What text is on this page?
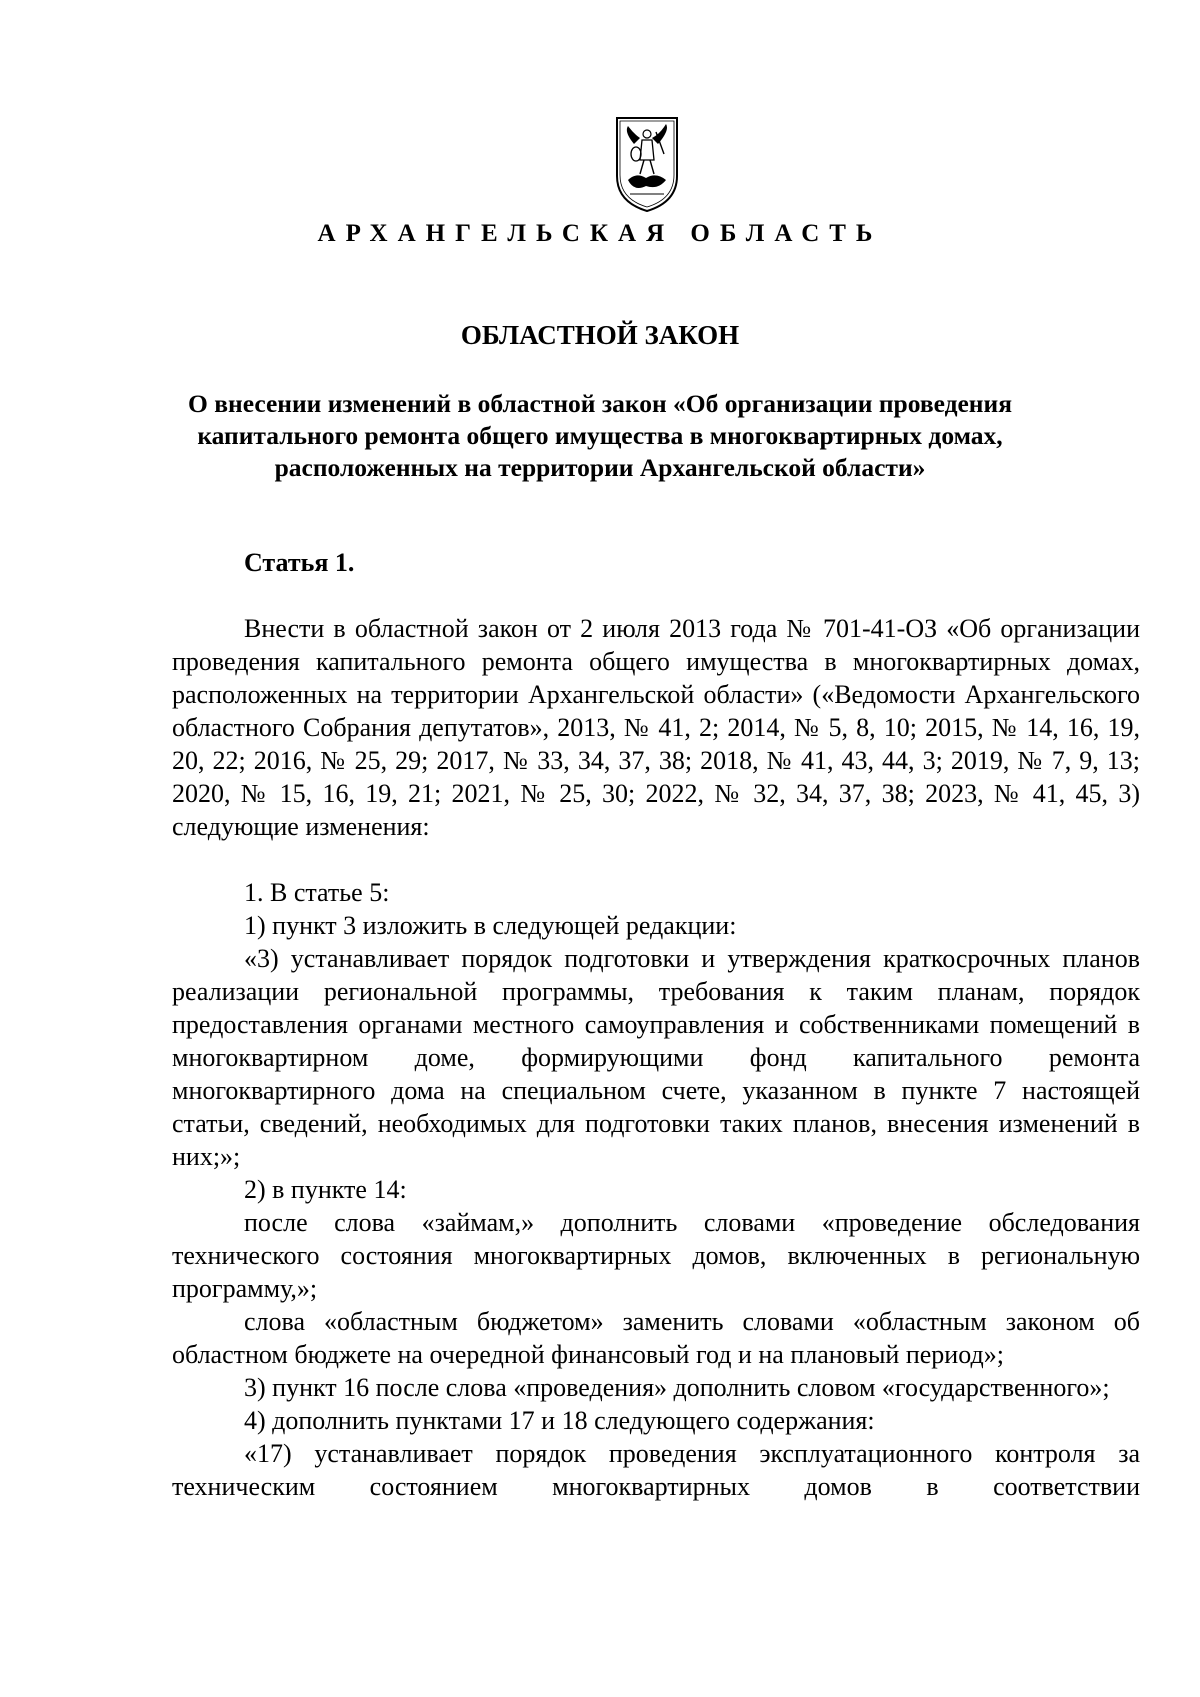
АРХАНГЕЛЬСКАЯ ОБЛАСТЬ
ОБЛАСТНОЙ ЗАКОН
О внесении изменений в областной закон «Об организации проведения капитального ремонта общего имущества в многоквартирных домах, расположенных на территории Архангельской области»
Статья 1.

Внести в областной закон от 2 июля 2013 года № 701-41-ОЗ «Об организации проведения капитального ремонта общего имущества в многоквартирных домах, расположенных на территории Архангельской области» («Ведомости Архангельского областного Собрания депутатов», 2013, № 41, 2; 2014, № 5, 8, 10; 2015, № 14, 16, 19, 20, 22; 2016, № 25, 29; 2017, № 33, 34, 37, 38; 2018, № 41, 43, 44, 3; 2019, № 7, 9, 13; 2020, № 15, 16, 19, 21; 2021, № 25, 30; 2022, № 32, 34, 37, 38; 2023, № 41, 45, 3) следующие изменения:

1. В статье 5:

1) пункт 3 изложить в следующей редакции:

«3) устанавливает порядок подготовки и утверждения краткосрочных планов реализации региональной программы, требования к таким планам, порядок предоставления органами местного самоуправления и собственниками помещений в многоквартирном доме, формирующими фонд капитального ремонта многоквартирного дома на специальном счете, указанном в пункте 7 настоящей статьи, сведений, необходимых для подготовки таких планов, внесения изменений в них;»;

2) в пункте 14:

после слова «займам,» дополнить словами «проведение обследования технического состояния многоквартирных домов, включенных в региональную программу,»;

слова «областным бюджетом» заменить словами «областным законом об областном бюджете на очередной финансовый год и на плановый период»;

3) пункт 16 после слова «проведения» дополнить словом «государственного»;

4) дополнить пунктами 17 и 18 следующего содержания:

«17) устанавливает порядок проведения эксплуатационного контроля за техническим состоянием многоквартирных домов в соответствии
